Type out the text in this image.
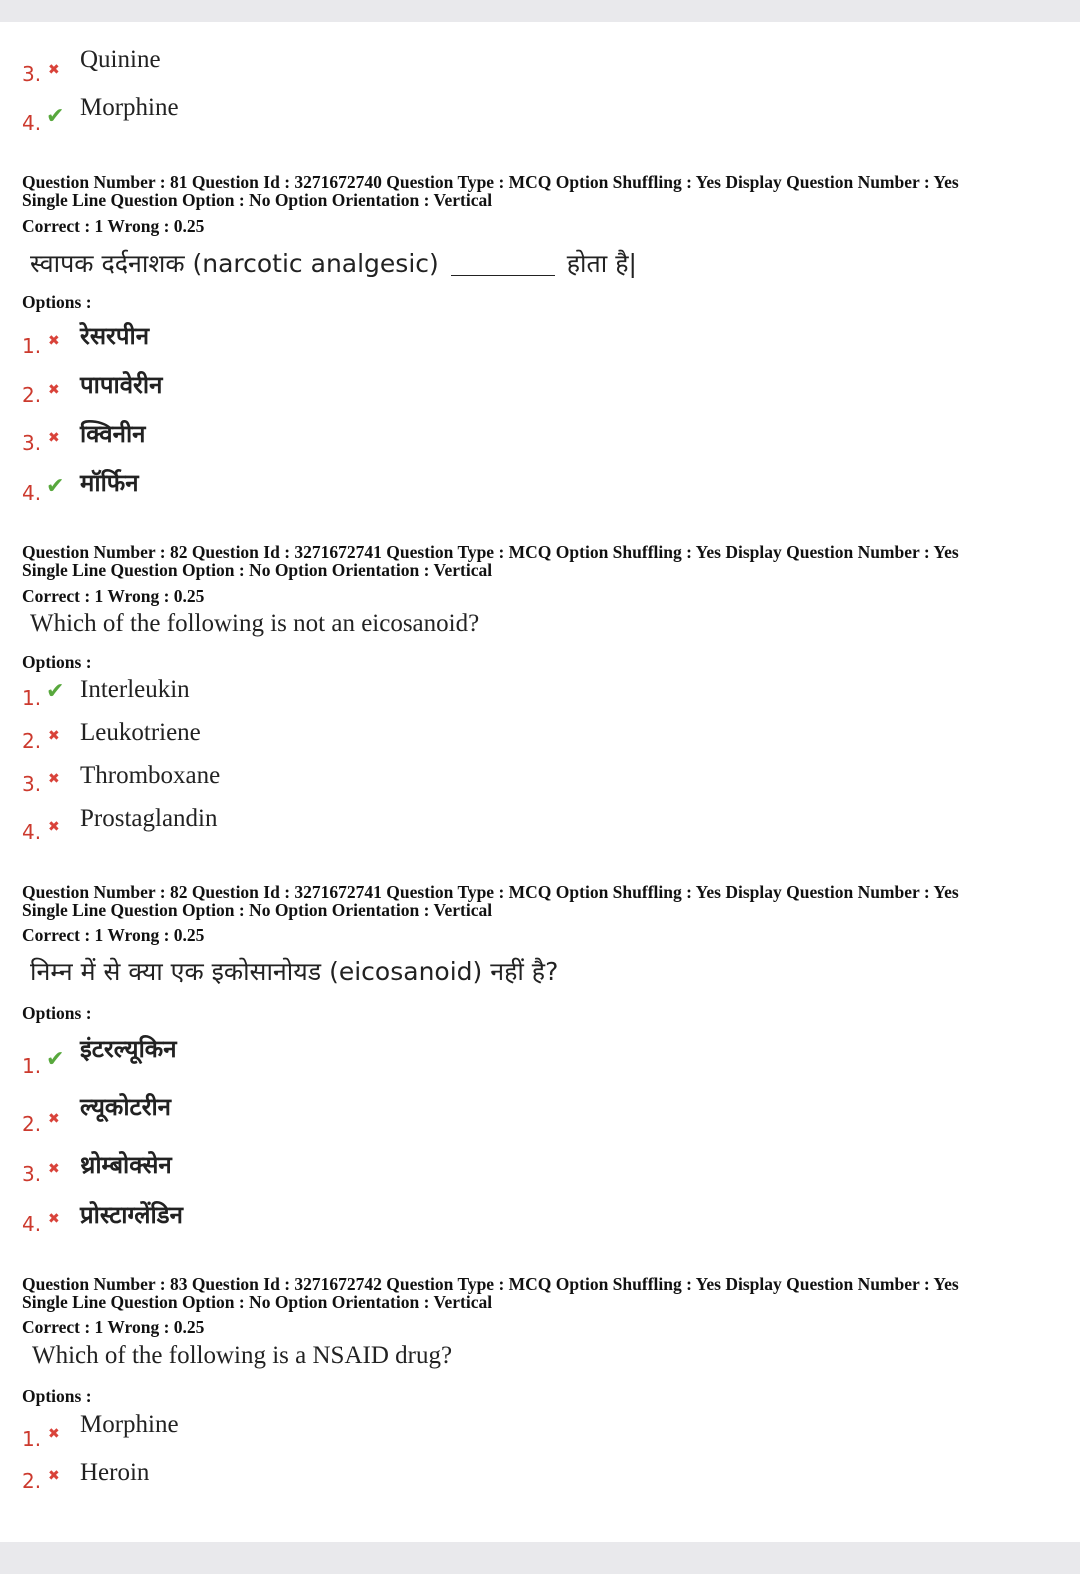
3. ✖ Quinine
4. ✔ Morphine
Question Number : 81 Question Id : 3271672740 Question Type : MCQ Option Shuffling : Yes Display Question Number : Yes
Single Line Question Option : No Option Orientation : Vertical
Correct : 1 Wrong : 0.25
स्वापक दर्दनाशक (narcotic analgesic)	होता है|
Options :
1. ✖ रेसरपीन
2. ✖ पापावेरीन
3. ✖ क्विनीन
4. ✔ मॉर्फिन
Question Number : 82 Question Id : 3271672741 Question Type : MCQ Option Shuffling : Yes Display Question Number : Yes
Single Line Question Option : No Option Orientation : Vertical
Correct : 1 Wrong : 0.25
Which of the following is not an eicosanoid?
Options :
1. ✔ Interleukin
2. ✖ Leukotriene
3. ✖ Thromboxane
4. ✖ Prostaglandin
Question Number : 82 Question Id : 3271672741 Question Type : MCQ Option Shuffling : Yes Display Question Number : Yes
Single Line Question Option : No Option Orientation : Vertical
Correct : 1 Wrong : 0.25
निम्न में से क्या एक इकोसानोयड (eicosanoid) नहीं है?
Options :
1. ✔ इंटरल्यूकिन
2. ✖ ल्यूकोटरीन
3. ✖ थ्रोम्बोक्सेन
4. ✖ प्रोस्टाग्लेंडिन
Question Number : 83 Question Id : 3271672742 Question Type : MCQ Option Shuffling : Yes Display Question Number : Yes
Single Line Question Option : No Option Orientation : Vertical
Correct : 1 Wrong : 0.25
Which of the following is a NSAID drug?
Options :
1. ✖ Morphine
2. ✖ Heroin
